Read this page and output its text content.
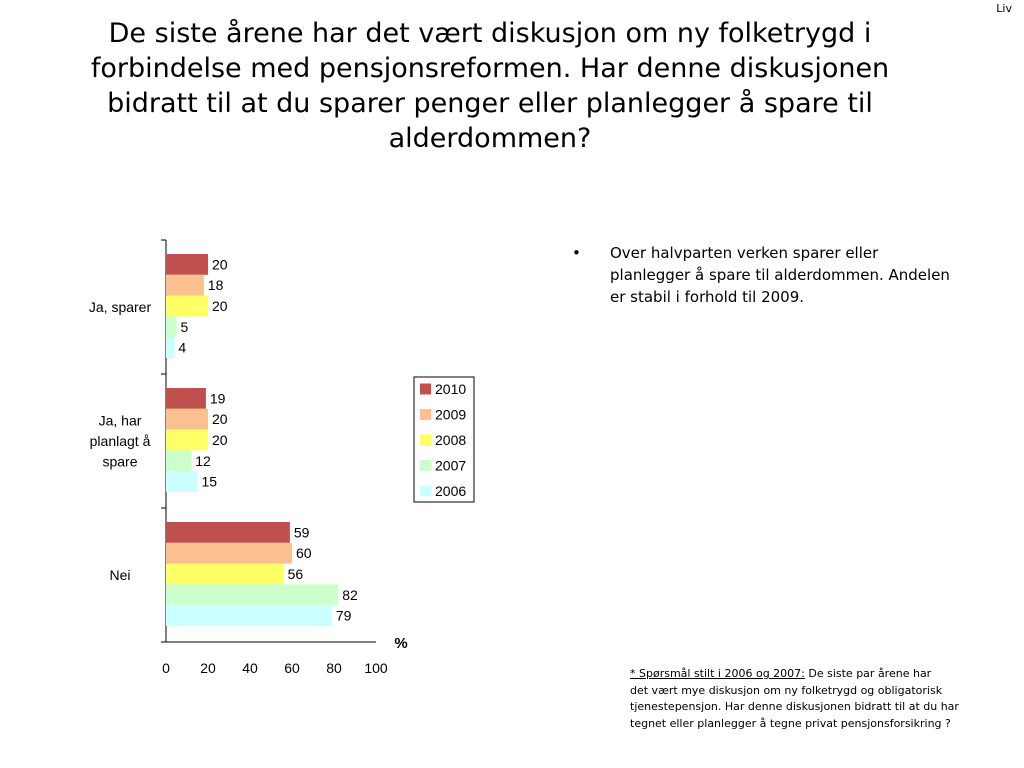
Liv
De siste årene har det vært diskusjon om ny folketrygd i
forbindelse med pensjonsreformen. Har denne diskusjonen
bidratt til at du sparer penger eller planlegger å spare til
alderdommen?
20
18
20
5
4
Ja, sparer
19
20
20
12
15
Ja, har
planlagt å
spare
59
60
56
82
79
Nei
0 20 40 60 80 100
%
2010
2009
2008
2007
2006
• Over halvparten verken sparer eller
planlegger å spare til alderdommen. Andelen
er stabil i forhold til 2009.
* Spørsmål stilt i 2006 og 2007: De siste par årene har
det vært mye diskusjon om ny folketrygd og obligatorisk
tjenestepensjon. Har denne diskusjonen bidratt til at du har
tegnet eller planlegger å tegne privat pensjonsforsikring ?
